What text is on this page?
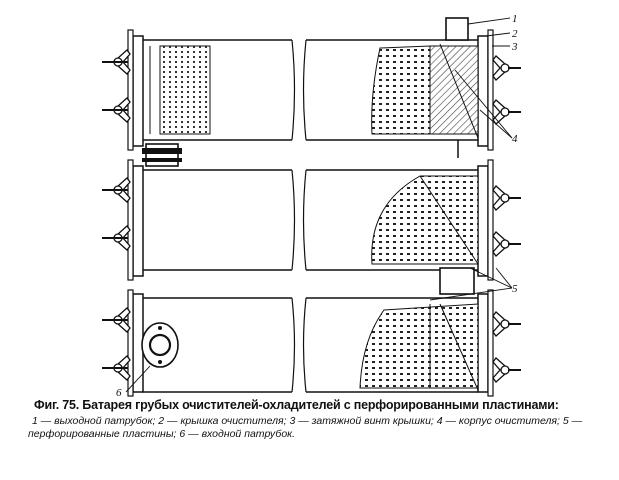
1
2
3
4
5
6

Фиг. 75. Батарея грубых очистителей-охладителей с перфорированными пластинами:

1 — выходной патрубок; 2 — крышка очистителя; 3 — затяжной винт крышки; 4 — корпус очистителя; 5 — перфорированные пластины; 6 — входной патрубок.
